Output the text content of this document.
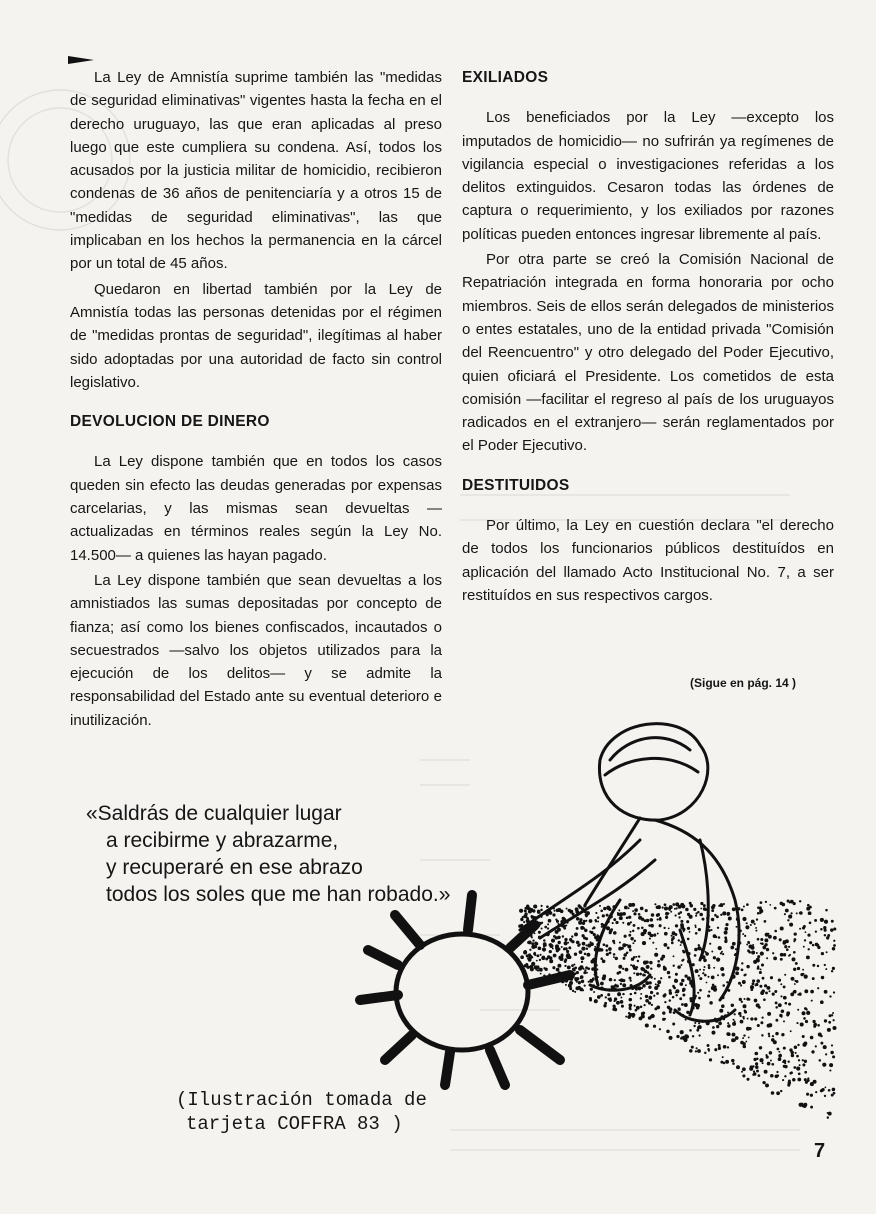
La Ley de Amnistía suprime también las "medidas de seguridad eliminativas" vigentes hasta la fecha en el derecho uruguayo, las que eran aplicadas al preso luego que este cumpliera su condena. Así, todos los acusados por la justicia militar de homicidio, recibieron condenas de 36 años de penitenciaría y a otros 15 de "medidas de seguridad eliminativas", las que implicaban en los hechos la permanencia en la cárcel por un total de 45 años.

Quedaron en libertad también por la Ley de Amnistía todas las personas detenidas por el régimen de "medidas prontas de seguridad", ilegítimas al haber sido adoptadas por una autoridad de facto sin control legislativo.

DEVOLUCION DE DINERO

La Ley dispone también que en todos los casos queden sin efecto las deudas generadas por expensas carcelarias, y las mismas sean devueltas —actualizadas en términos reales según la Ley No. 14.500— a quienes las hayan pagado.

La Ley dispone también que sean devueltas a los amnistiados las sumas depositadas por concepto de fianza; así como los bienes confiscados, incautados o secuestrados —salvo los objetos utilizados para la ejecución de los delitos— y se admite la responsabilidad del Estado ante su eventual deterioro e inutilización.

EXILIADOS

Los beneficiados por la Ley —excepto los imputados de homicidio— no sufrirán ya regímenes de vigilancia especial o investigaciones referidas a los delitos extinguidos. Cesaron todas las órdenes de captura o requerimiento, y los exiliados por razones políticas pueden entonces ingresar libremente al país.

Por otra parte se creó la Comisión Nacional de Repatriación integrada en forma honoraria por ocho miembros. Seis de ellos serán delegados de ministerios o entes estatales, uno de la entidad privada "Comisión del Reencuentro" y otro delegado del Poder Ejecutivo, quien oficiará el Presidente. Los cometidos de esta comisión —facilitar el regreso al país de los uruguayos radicados en el extranjero— serán reglamentados por el Poder Ejecutivo.

DESTITUIDOS

Por último, la Ley en cuestión declara "el derecho de todos los funcionarios públicos destituídos en aplicación del llamado Acto Institucional No. 7, a ser restituídos en sus respectivos cargos.

(Sigue en pág. 14 )
«Saldrás de cualquier lugar
a recibirme y abrazarme,
y recuperaré en ese abrazo
todos los soles que me han robado.»
(Ilustración tomada de
tarjeta COFFRA 83 )
7
